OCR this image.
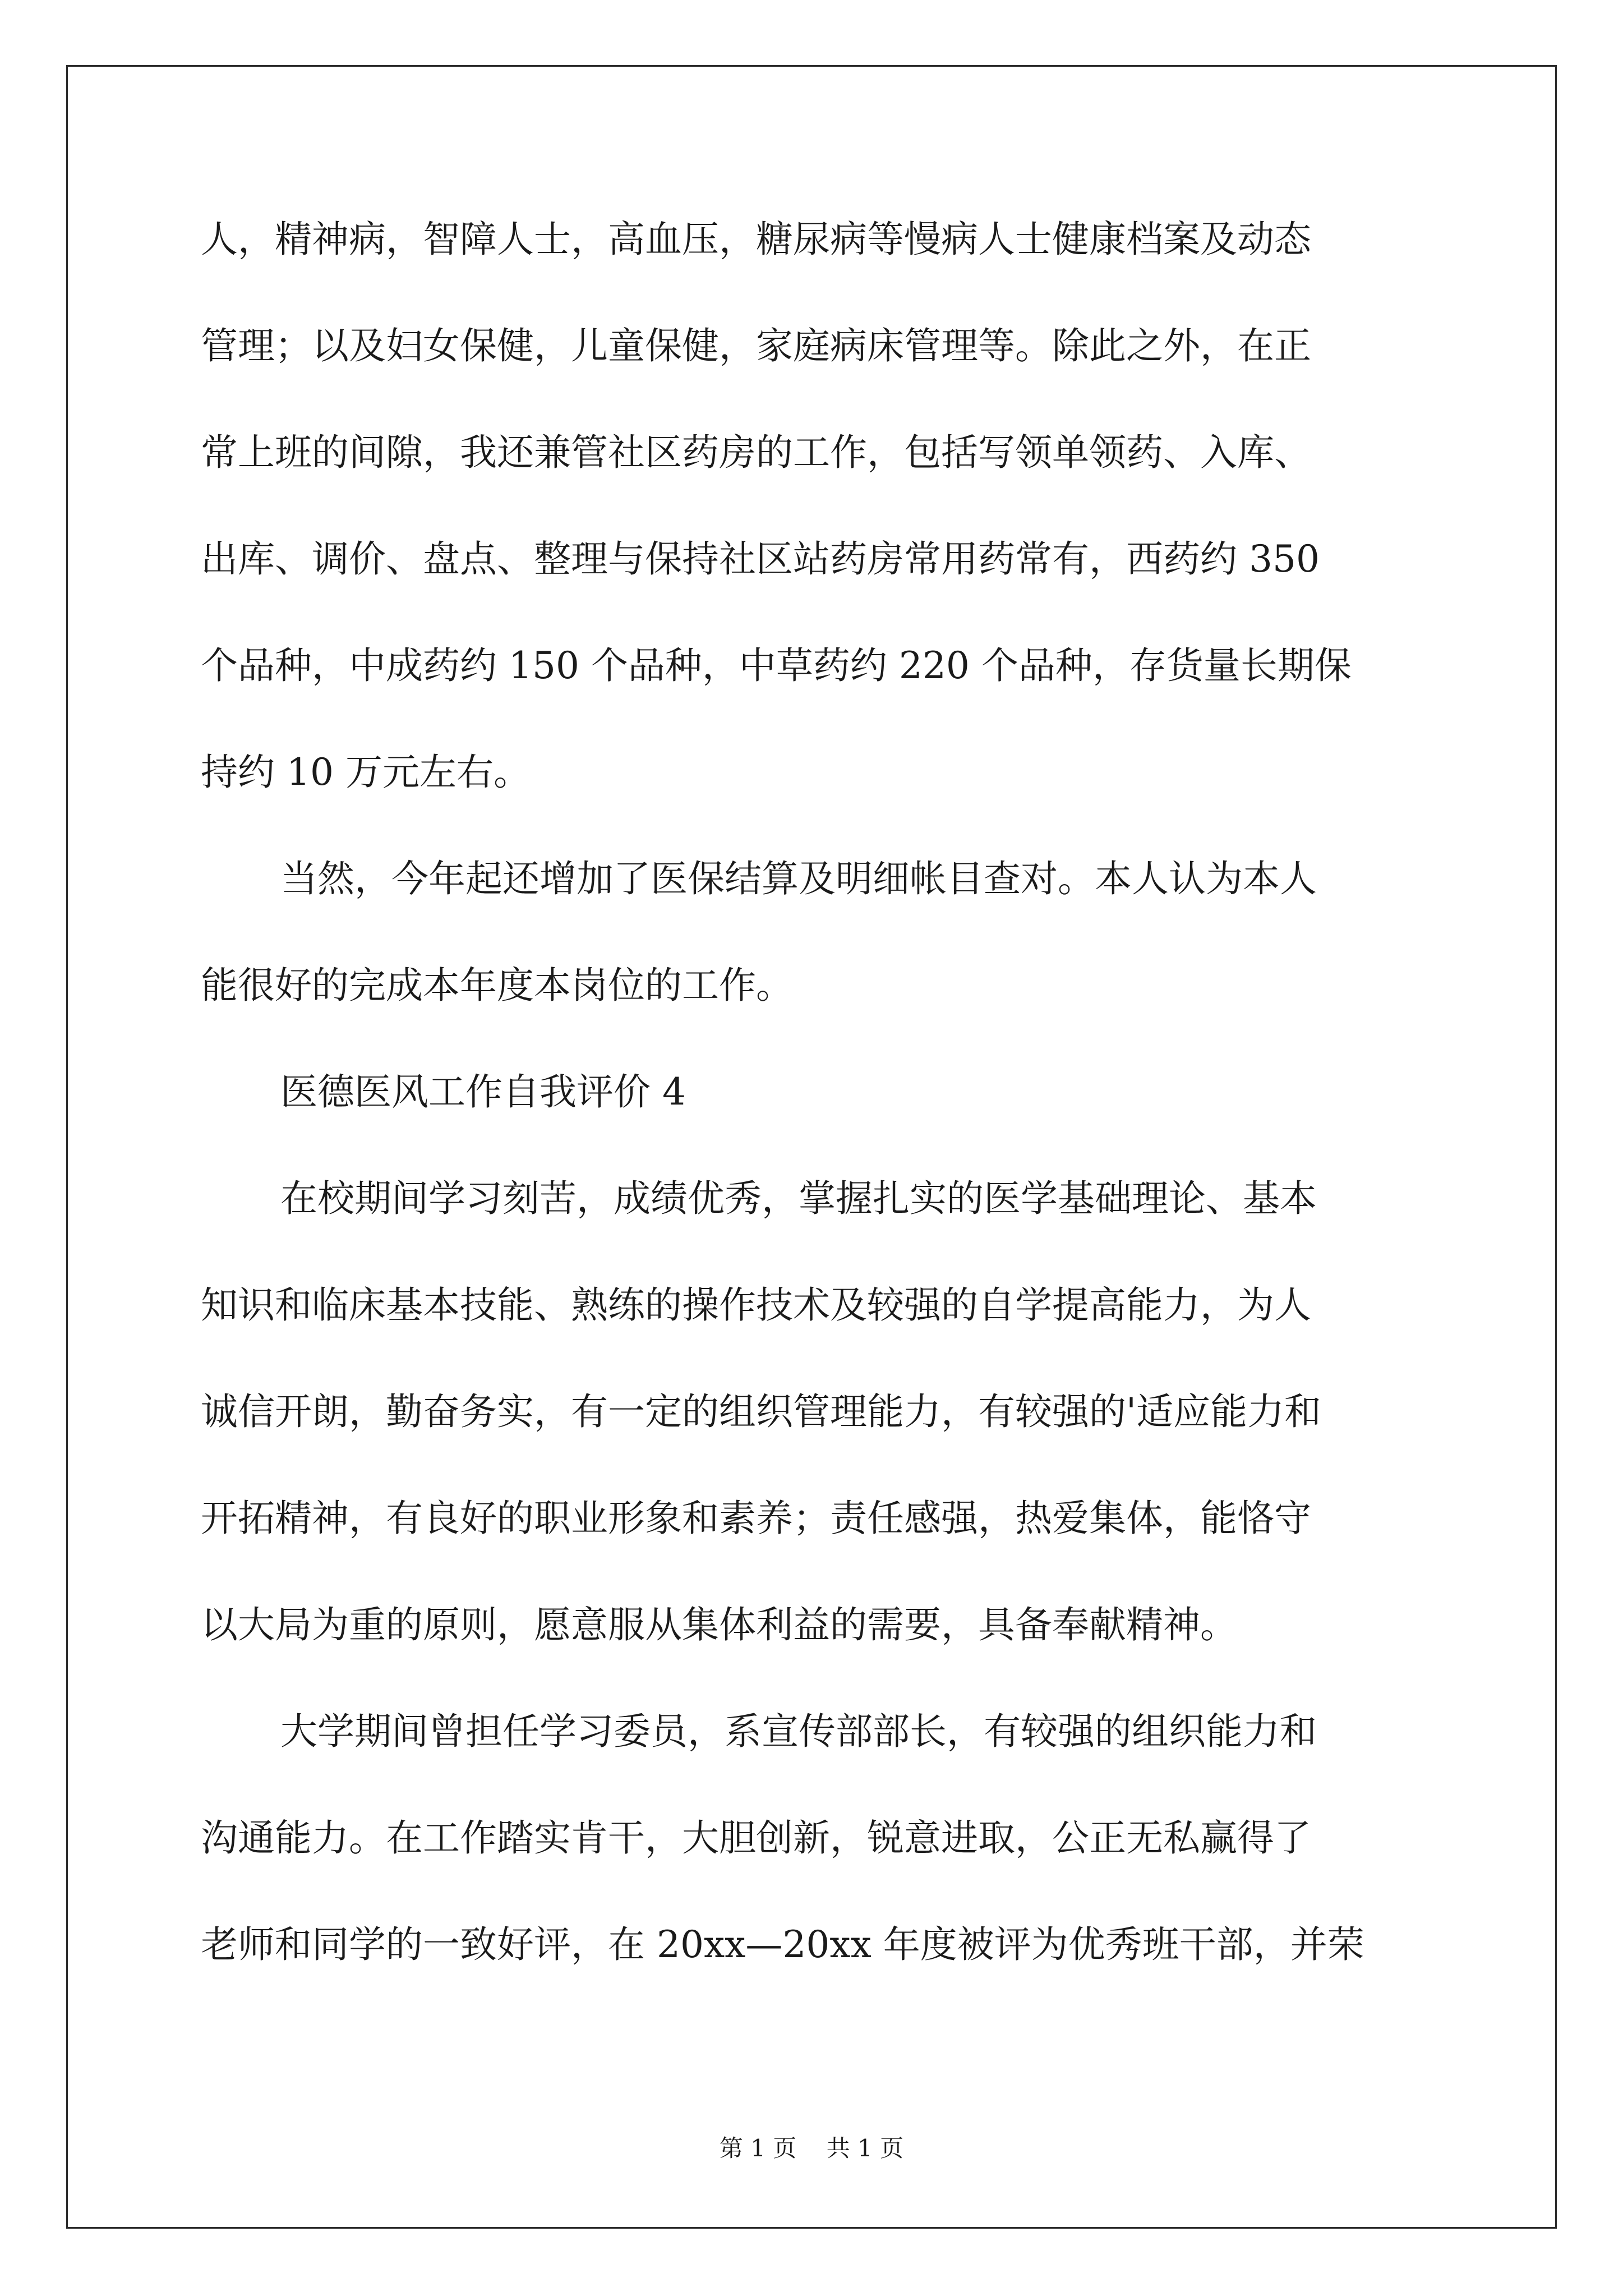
人，精神病，智障人士，高血压，糖尿病等慢病人士健康档案及动态
管理；以及妇女保健，儿童保健，家庭病床管理等。除此之外，在正
常上班的间隙，我还兼管社区药房的工作，包括写领单领药、入库、
出库、调价、盘点、整理与保持社区站药房常用药常有，西药约 350
个品种，中成药约 150 个品种，中草药约 220 个品种，存货量长期保
持约 10 万元左右。
当然，今年起还增加了医保结算及明细帐目查对。本人认为本人
能很好的完成本年度本岗位的工作。
医德医风工作自我评价 4
在校期间学习刻苦，成绩优秀，掌握扎实的医学基础理论、基本
知识和临床基本技能、熟练的操作技术及较强的自学提高能力，为人
诚信开朗，勤奋务实，有一定的组织管理能力，有较强的'适应能力和
开拓精神，有良好的职业形象和素养；责任感强，热爱集体，能恪守
以大局为重的原则，愿意服从集体利益的需要，具备奉献精神。
大学期间曾担任学习委员，系宣传部部长，有较强的组织能力和
沟通能力。在工作踏实肯干，大胆创新，锐意进取，公正无私赢得了
老师和同学的一致好评，在 20xx—20xx 年度被评为优秀班干部，并荣
第 1 页 共 1 页
